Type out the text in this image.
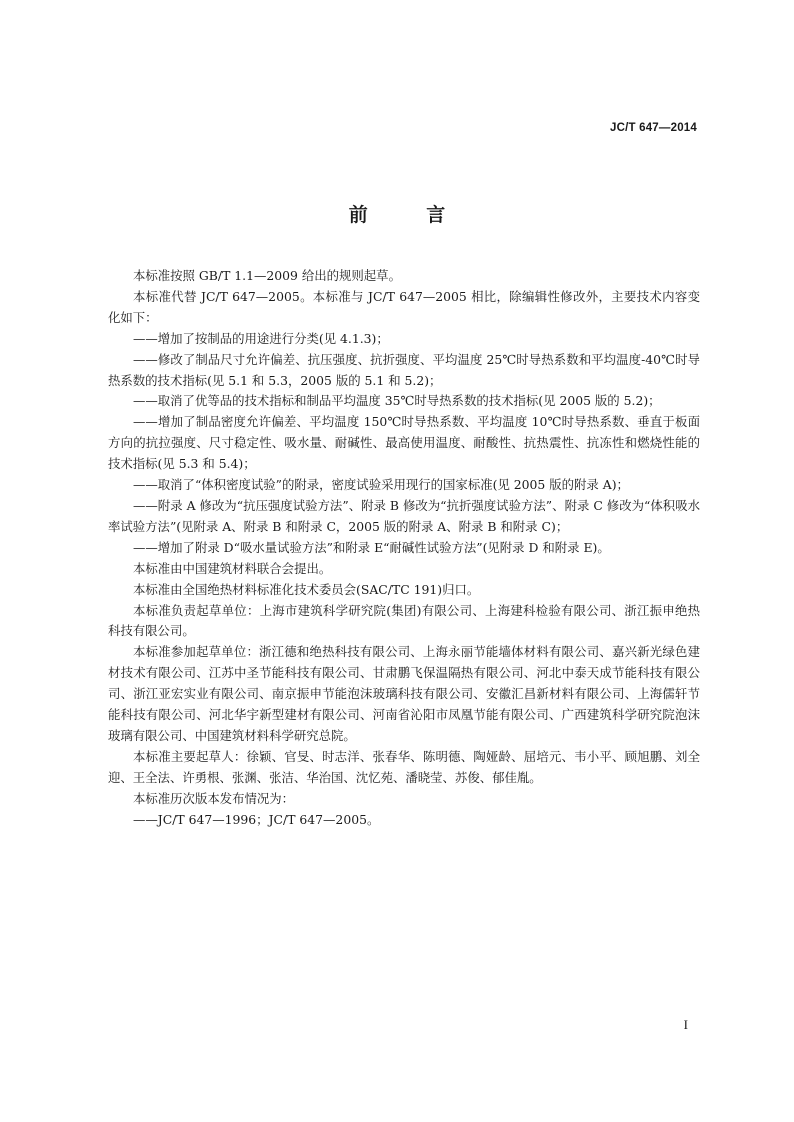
JC/T 647—2014
前 言

本标准按照 GB/T 1.1—2009 给出的规则起草。

本标准代替 JC/T 647—2005。本标准与 JC/T 647—2005 相比，除编辑性修改外，主要技术内容变化如下：

——增加了按制品的用途进行分类(见 4.1.3)；

——修改了制品尺寸允许偏差、抗压强度、抗折强度、平均温度 25℃时导热系数和平均温度-40℃时导热系数的技术指标(见 5.1 和 5.3，2005 版的 5.1 和 5.2)；

——取消了优等品的技术指标和制品平均温度 35℃时导热系数的技术指标(见 2005 版的 5.2)；

——增加了制品密度允许偏差、平均温度 150℃时导热系数、平均温度 10℃时导热系数、垂直于板面方向的抗拉强度、尺寸稳定性、吸水量、耐碱性、最高使用温度、耐酸性、抗热震性、抗冻性和燃烧性能的技术指标(见 5.3 和 5.4)；

——取消了“体积密度试验”的附录，密度试验采用现行的国家标准(见 2005 版的附录 A)；

——附录 A 修改为“抗压强度试验方法”、附录 B 修改为“抗折强度试验方法”、附录 C 修改为“体积吸水率试验方法”(见附录 A、附录 B 和附录 C，2005 版的附录 A、附录 B 和附录 C)；

——增加了附录 D“吸水量试验方法”和附录 E“耐碱性试验方法”(见附录 D 和附录 E)。

本标准由中国建筑材料联合会提出。

本标准由全国绝热材料标准化技术委员会(SAC/TC 191)归口。

本标准负责起草单位：上海市建筑科学研究院(集团)有限公司、上海建科检验有限公司、浙江振申绝热科技有限公司。

本标准参加起草单位：浙江德和绝热科技有限公司、上海永丽节能墙体材料有限公司、嘉兴新光绿色建材技术有限公司、江苏中圣节能科技有限公司、甘肃鹏飞保温隔热有限公司、河北中泰天成节能科技有限公司、浙江亚宏实业有限公司、南京振申节能泡沫玻璃科技有限公司、安徽汇昌新材料有限公司、上海儒轩节能科技有限公司、河北华宇新型建材有限公司、河南省沁阳市凤凰节能有限公司、广西建筑科学研究院泡沫玻璃有限公司、中国建筑材料科学研究总院。

本标准主要起草人：徐颖、官旻、时志洋、张春华、陈明德、陶娅龄、屈培元、韦小平、顾旭鹏、刘全迎、王全法、许勇根、张渊、张洁、华治国、沈忆苑、潘晓莹、苏俊、郁佳胤。

本标准历次版本发布情况为：

——JC/T 647—1996；JC/T 647—2005。

I
